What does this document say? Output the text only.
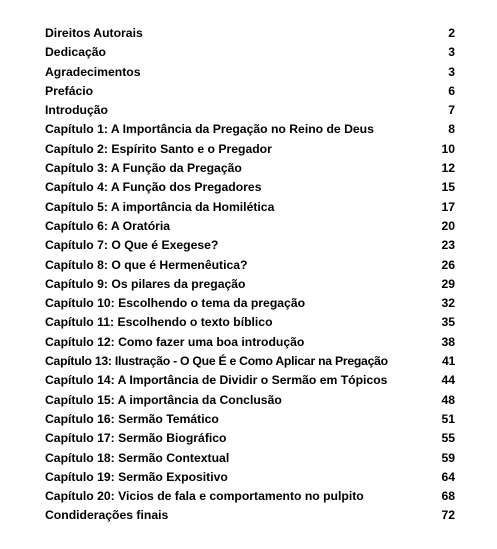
Direitos Autorais	2
Dedicação	3
Agradecimentos	3
Prefácio	6
Introdução	7
Capítulo 1: A Importância da Pregação no Reino de Deus	8
Capítulo 2: Espírito Santo e o Pregador	10
Capítulo 3: A Função da Pregação	12
Capítulo 4: A Função dos Pregadores	15
Capítulo 5: A importância da Homilética	17
Capítulo 6: A Oratória	20
Capítulo 7: O Que é Exegese?	23
Capítulo 8: O que é Hermenêutica?	26
Capítulo 9: Os pilares da pregação	29
Capítulo 10: Escolhendo o tema da pregação	32
Capítulo 11: Escolhendo o texto bíblico	35
Capítulo 12: Como fazer uma boa introdução	38
Capítulo 13: Ilustração - O Que É e Como Aplicar na Pregação	41
Capítulo 14: A Importância de Dividir o Sermão em Tópicos	44
Capítulo 15: A importância da Conclusão	48
Capítulo 16: Sermão Temático	51
Capítulo 17: Sermão Biográfico	55
Capítulo 18: Sermão Contextual	59
Capítulo 19: Sermão Expositivo	64
Capítulo 20: Vicios de fala e comportamento no pulpito	68
Condiderações finais	72
